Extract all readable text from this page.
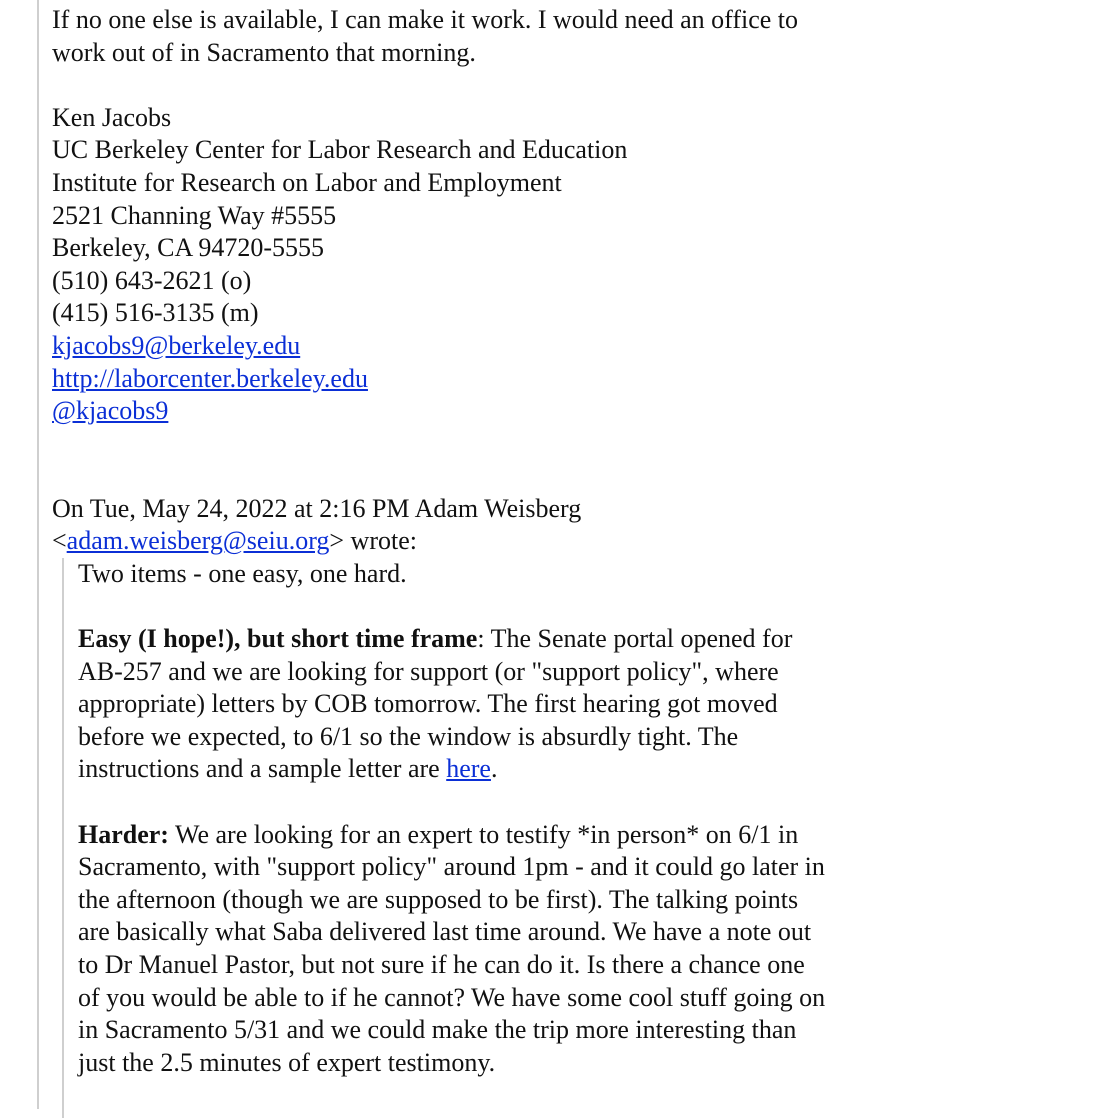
If no one else is available, I can make it work. I would need an office to
work out of in Sacramento that morning.
Ken Jacobs
UC Berkeley Center for Labor Research and Education
Institute for Research on Labor and Employment
2521 Channing Way #5555
Berkeley, CA 94720-5555
(510) 643-2621 (o)
(415) 516-3135 (m)
kjacobs9@berkeley.edu
http://laborcenter.berkeley.edu
@kjacobs9
On Tue, May 24, 2022 at 2:16 PM Adam Weisberg
<adam.weisberg@seiu.org> wrote:
Two items - one easy, one hard.
Easy (I hope!), but short time frame: The Senate portal opened for
AB-257 and we are looking for support (or "support policy", where
appropriate) letters by COB tomorrow. The first hearing got moved
before we expected, to 6/1 so the window is absurdly tight. The
instructions and a sample letter are here.
Harder: We are looking for an expert to testify *in person* on 6/1 in
Sacramento, with "support policy" around 1pm - and it could go later in
the afternoon (though we are supposed to be first). The talking points
are basically what Saba delivered last time around. We have a note out
to Dr Manuel Pastor, but not sure if he can do it. Is there a chance one
of you would be able to if he cannot? We have some cool stuff going on
in Sacramento 5/31 and we could make the trip more interesting than
just the 2.5 minutes of expert testimony.
